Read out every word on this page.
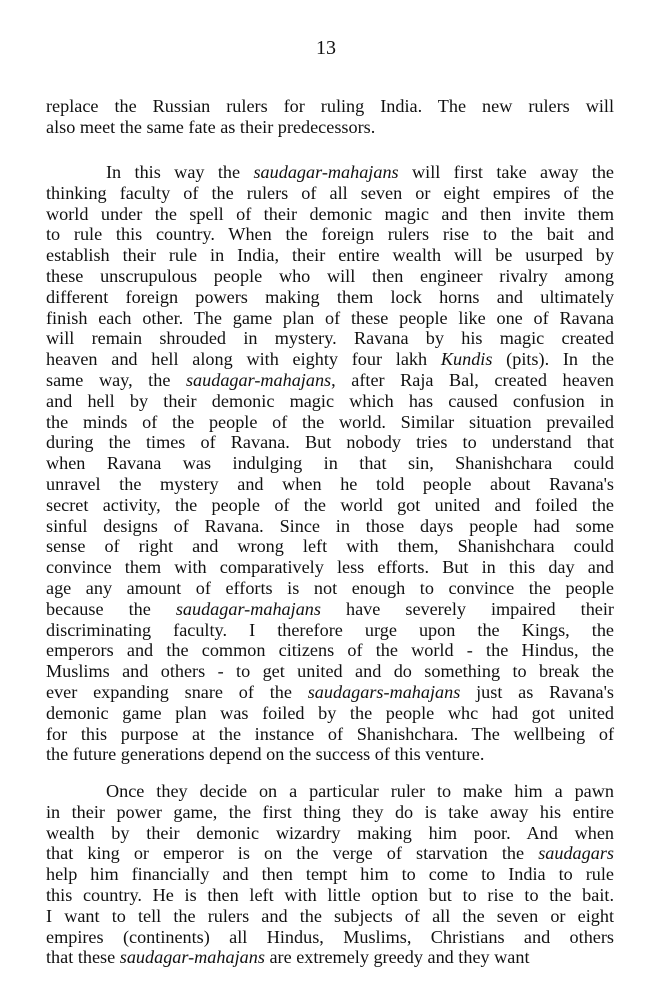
13
replace the Russian rulers for ruling India. The new rulers will
also meet the same fate as their predecessors.
In this way the saudagar-mahajans will first take away the
thinking faculty of the rulers of all seven or eight empires of the
world under the spell of their demonic magic and then invite them
to rule this country. When the foreign rulers rise to the bait and
establish their rule in India, their entire wealth will be usurped by
these unscrupulous people who will then engineer rivalry among
different foreign powers making them lock horns and ultimately
finish each other. The game plan of these people like one of Ravana
will remain shrouded in mystery. Ravana by his magic created
heaven and hell along with eighty four lakh Kundis (pits). In the
same way, the saudagar-mahajans, after Raja Bal, created heaven
and hell by their demonic magic which has caused confusion in
the minds of the people of the world. Similar situation prevailed
during the times of Ravana. But nobody tries to understand that
when Ravana was indulging in that sin, Shanishchara could
unravel the mystery and when he told people about Ravana's
secret activity, the people of the world got united and foiled the
sinful designs of Ravana. Since in those days people had some
sense of right and wrong left with them, Shanishchara could
convince them with comparatively less efforts. But in this day and
age any amount of efforts is not enough to convince the people
because the saudagar-mahajans have severely impaired their
discriminating faculty. I therefore urge upon the Kings, the
emperors and the common citizens of the world - the Hindus, the
Muslims and others - to get united and do something to break the
ever expanding snare of the saudagars-mahajans just as Ravana's
demonic game plan was foiled by the people whc had got united
for this purpose at the instance of Shanishchara. The wellbeing of
the future generations depend on the success of this venture.
Once they decide on a particular ruler to make him a pawn
in their power game, the first thing they do is take away his entire
wealth by their demonic wizardry making him poor. And when
that king or emperor is on the verge of starvation the saudagars
help him financially and then tempt him to come to India to rule
this country. He is then left with little option but to rise to the bait.
I want to tell the rulers and the subjects of all the seven or eight
empires (continents) all Hindus, Muslims, Christians and others
that these saudagar-mahajans are extremely greedy and they want
